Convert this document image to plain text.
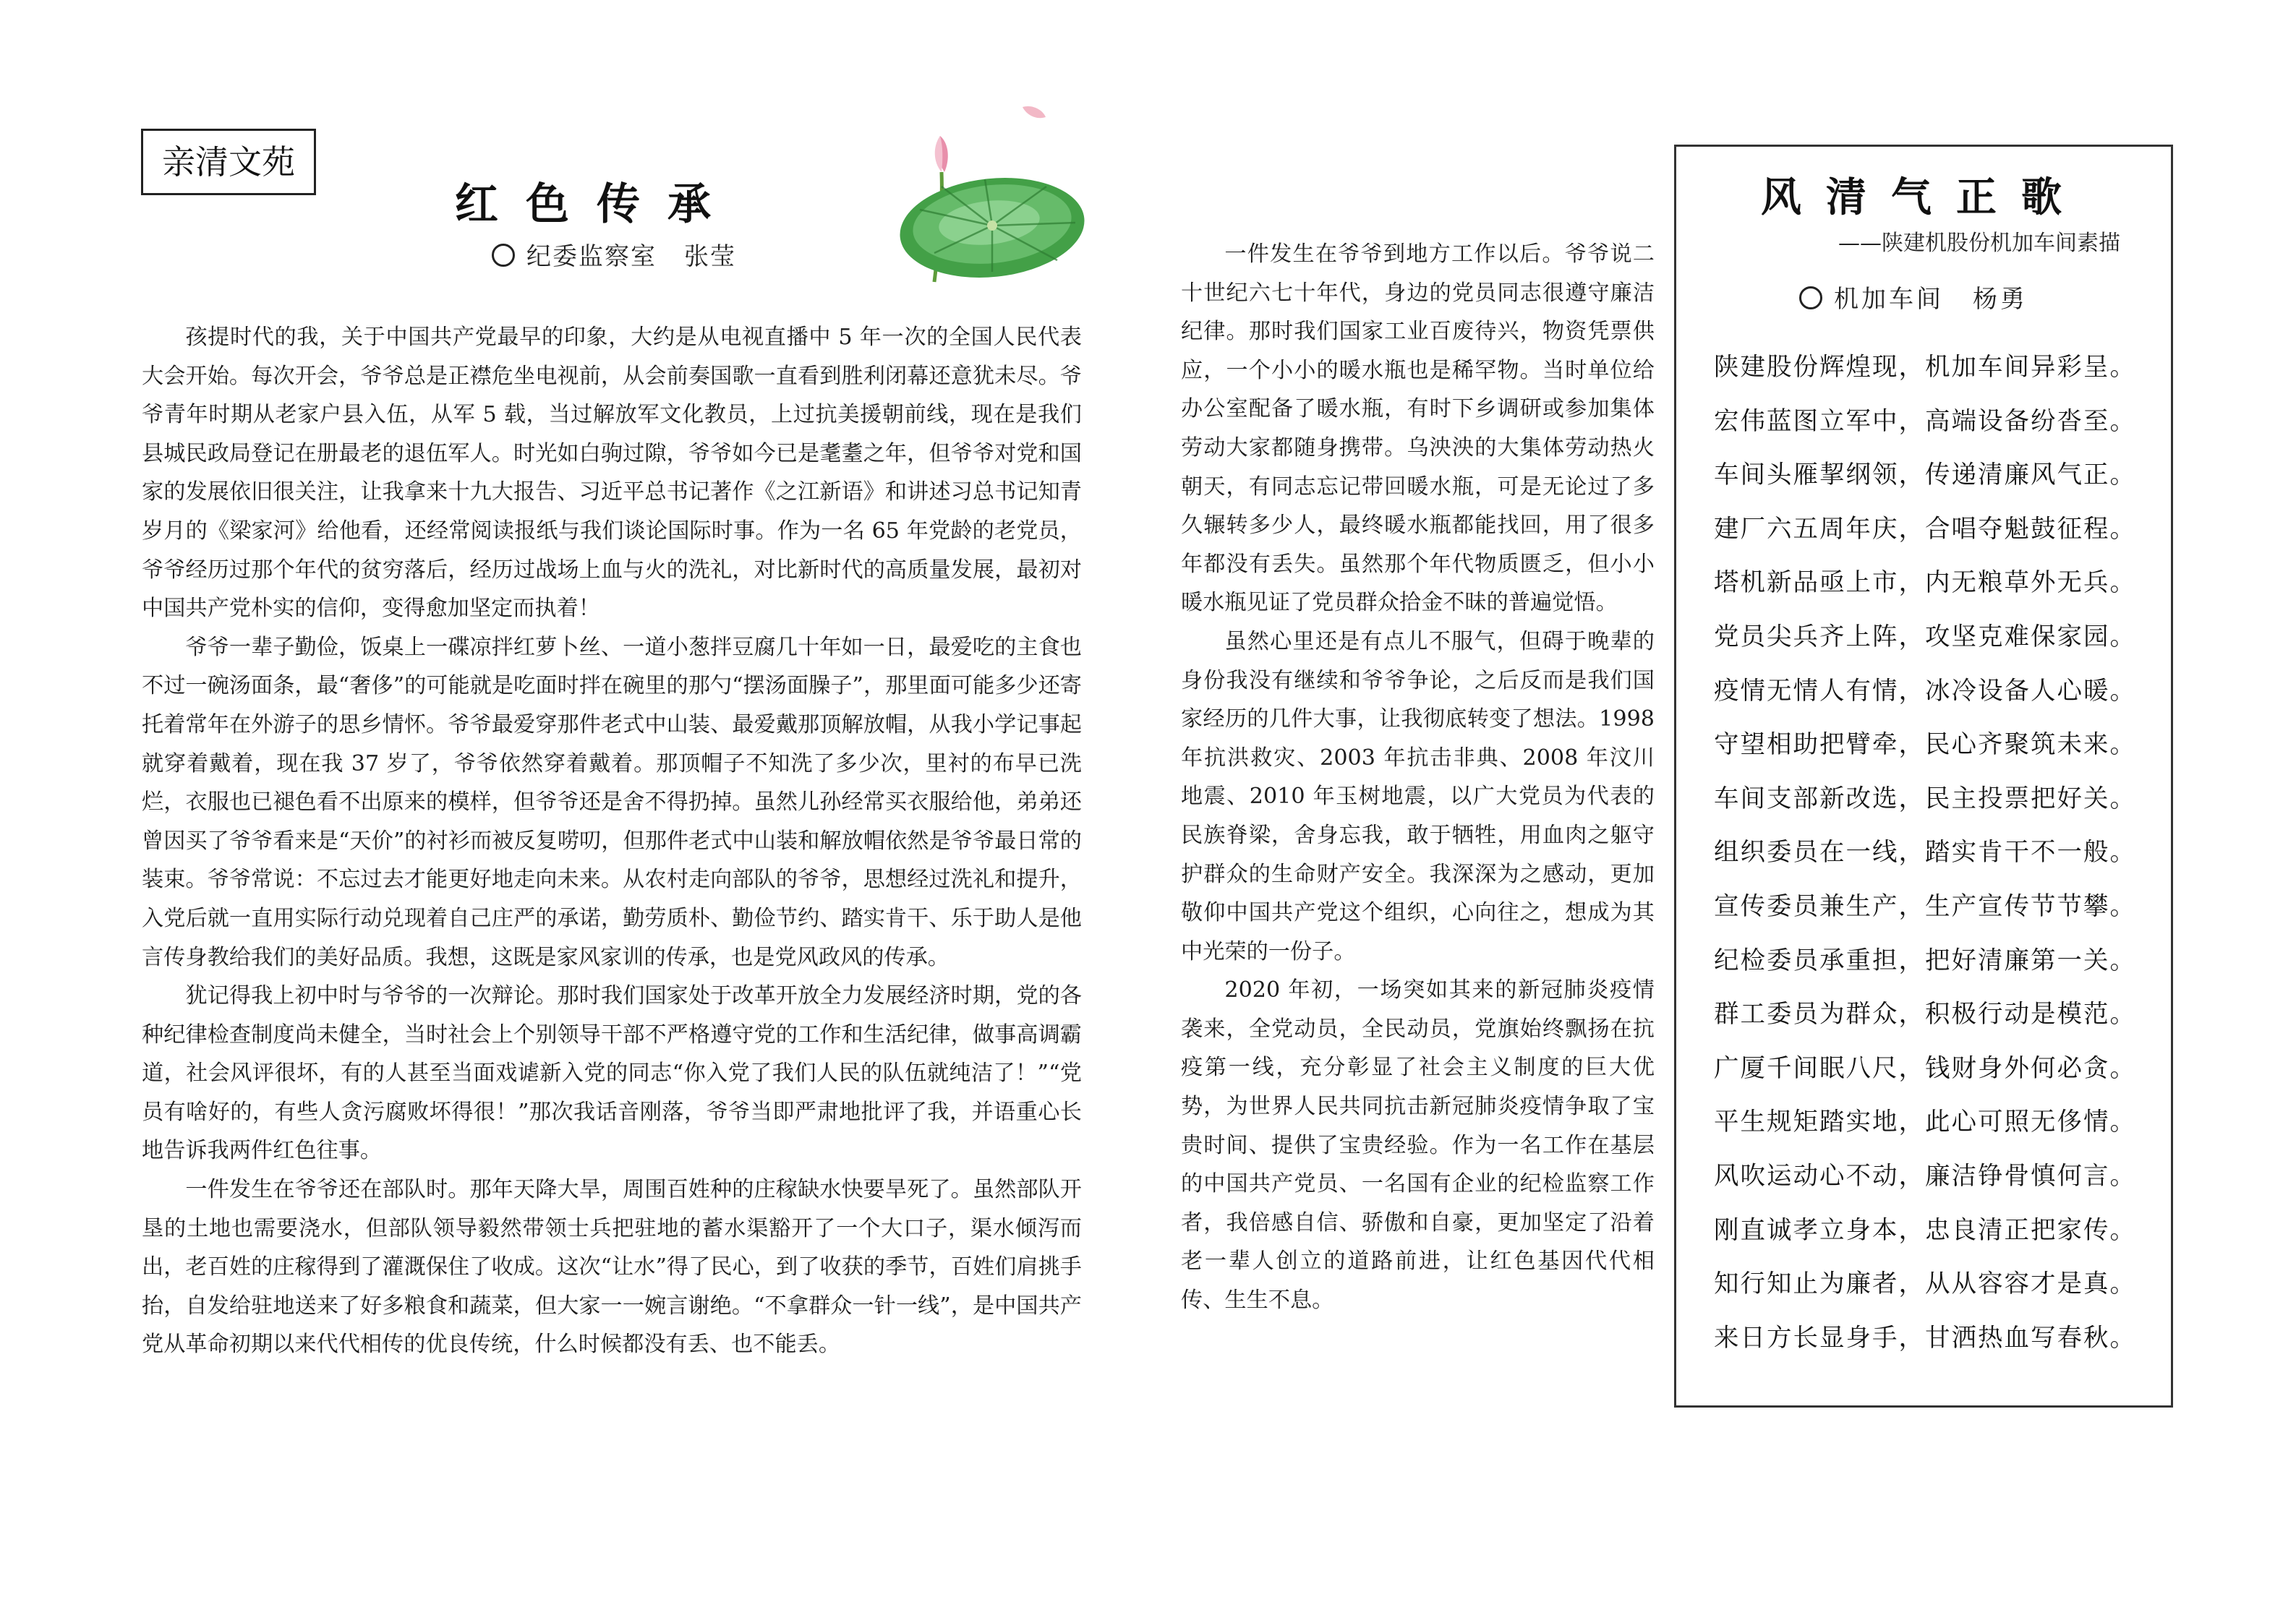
亲清文苑
红色传承
纪委监察室 张莹

孩提时代的我，关于中国共产党最早的印象，大约是从电视直播中 5 年一次的全国人民代表大会开始。每次开会，爷爷总是正襟危坐电视前，从会前奏国歌一直看到胜利闭幕还意犹未尽。爷爷青年时期从老家户县入伍，从军 5 载，当过解放军文化教员，上过抗美援朝前线，现在是我们县城民政局登记在册最老的退伍军人。时光如白驹过隙，爷爷如今已是耄耋之年，但爷爷对党和国家的发展依旧很关注，让我拿来十九大报告、习近平总书记著作《之江新语》和讲述习总书记知青岁月的《梁家河》给他看，还经常阅读报纸与我们谈论国际时事。作为一名 65 年党龄的老党员，爷爷经历过那个年代的贫穷落后，经历过战场上血与火的洗礼，对比新时代的高质量发展，最初对中国共产党朴实的信仰，变得愈加坚定而执着！

爷爷一辈子勤俭，饭桌上一碟凉拌红萝卜丝、一道小葱拌豆腐几十年如一日，最爱吃的主食也不过一碗汤面条，最“奢侈”的可能就是吃面时拌在碗里的那勺“摆汤面臊子”，那里面可能多少还寄托着常年在外游子的思乡情怀。爷爷最爱穿那件老式中山装、最爱戴那顶解放帽，从我小学记事起就穿着戴着，现在我 37 岁了，爷爷依然穿着戴着。那顶帽子不知洗了多少次，里衬的布早已洗烂，衣服也已褪色看不出原来的模样，但爷爷还是舍不得扔掉。虽然儿孙经常买衣服给他，弟弟还曾因买了爷爷看来是“天价”的衬衫而被反复唠叨，但那件老式中山装和解放帽依然是爷爷最日常的装束。爷爷常说：不忘过去才能更好地走向未来。从农村走向部队的爷爷，思想经过洗礼和提升，入党后就一直用实际行动兑现着自己庄严的承诺，勤劳质朴、勤俭节约、踏实肯干、乐于助人是他言传身教给我们的美好品质。我想，这既是家风家训的传承，也是党风政风的传承。

犹记得我上初中时与爷爷的一次辩论。那时我们国家处于改革开放全力发展经济时期，党的各种纪律检查制度尚未健全，当时社会上个别领导干部不严格遵守党的工作和生活纪律，做事高调霸道，社会风评很坏，有的人甚至当面戏谑新入党的同志“你入党了我们人民的队伍就纯洁了！”“党员有啥好的，有些人贪污腐败坏得很！”那次我话音刚落，爷爷当即严肃地批评了我，并语重心长地告诉我两件红色往事。

一件发生在爷爷还在部队时。那年天降大旱，周围百姓种的庄稼缺水快要旱死了。虽然部队开垦的土地也需要浇水，但部队领导毅然带领士兵把驻地的蓄水渠豁开了一个大口子，渠水倾泻而出，老百姓的庄稼得到了灌溉保住了收成。这次“让水”得了民心，到了收获的季节，百姓们肩挑手抬，自发给驻地送来了好多粮食和蔬菜，但大家一一婉言谢绝。“不拿群众一针一线”，是中国共产党从革命初期以来代代相传的优良传统，什么时候都没有丢、也不能丢。

一件发生在爷爷到地方工作以后。爷爷说二十世纪六七十年代，身边的党员同志很遵守廉洁纪律。那时我们国家工业百废待兴，物资凭票供应，一个小小的暖水瓶也是稀罕物。当时单位给办公室配备了暖水瓶，有时下乡调研或参加集体劳动大家都随身携带。乌泱泱的大集体劳动热火朝天，有同志忘记带回暖水瓶，可是无论过了多久辗转多少人，最终暖水瓶都能找回，用了很多年都没有丢失。虽然那个年代物质匮乏，但小小暖水瓶见证了党员群众拾金不昧的普遍觉悟。

虽然心里还是有点儿不服气，但碍于晚辈的身份我没有继续和爷爷争论，之后反而是我们国家经历的几件大事，让我彻底转变了想法。1998 年抗洪救灾、2003 年抗击非典、2008 年汶川地震、2010 年玉树地震，以广大党员为代表的民族脊梁，舍身忘我，敢于牺牲，用血肉之躯守护群众的生命财产安全。我深深为之感动，更加敬仰中国共产党这个组织，心向往之，想成为其中光荣的一份子。

2020 年初，一场突如其来的新冠肺炎疫情袭来，全党动员，全民动员，党旗始终飘扬在抗疫第一线，充分彰显了社会主义制度的巨大优势，为世界人民共同抗击新冠肺炎疫情争取了宝贵时间、提供了宝贵经验。作为一名工作在基层的中国共产党员、一名国有企业的纪检监察工作者，我倍感自信、骄傲和自豪，更加坚定了沿着老一辈人创立的道路前进，让红色基因代代相传、生生不息。

风清气正歌
——陕建机股份机加车间素描
机加车间 杨勇
陕建股份辉煌现，机加车间异彩呈。
宏伟蓝图立军中，高端设备纷沓至。
车间头雁挈纲领，传递清廉风气正。
建厂六五周年庆，合唱夺魁鼓征程。
塔机新品亟上市，内无粮草外无兵。
党员尖兵齐上阵，攻坚克难保家园。
疫情无情人有情，冰冷设备人心暖。
守望相助把臂牵，民心齐聚筑未来。
车间支部新改选，民主投票把好关。
组织委员在一线，踏实肯干不一般。
宣传委员兼生产，生产宣传节节攀。
纪检委员承重担，把好清廉第一关。
群工委员为群众，积极行动是模范。
广厦千间眠八尺，钱财身外何必贪。
平生规矩踏实地，此心可照无侈情。
风吹运动心不动，廉洁铮骨慎何言。
刚直诚孝立身本，忠良清正把家传。
知行知止为廉者，从从容容才是真。
来日方长显身手，甘洒热血写春秋。
